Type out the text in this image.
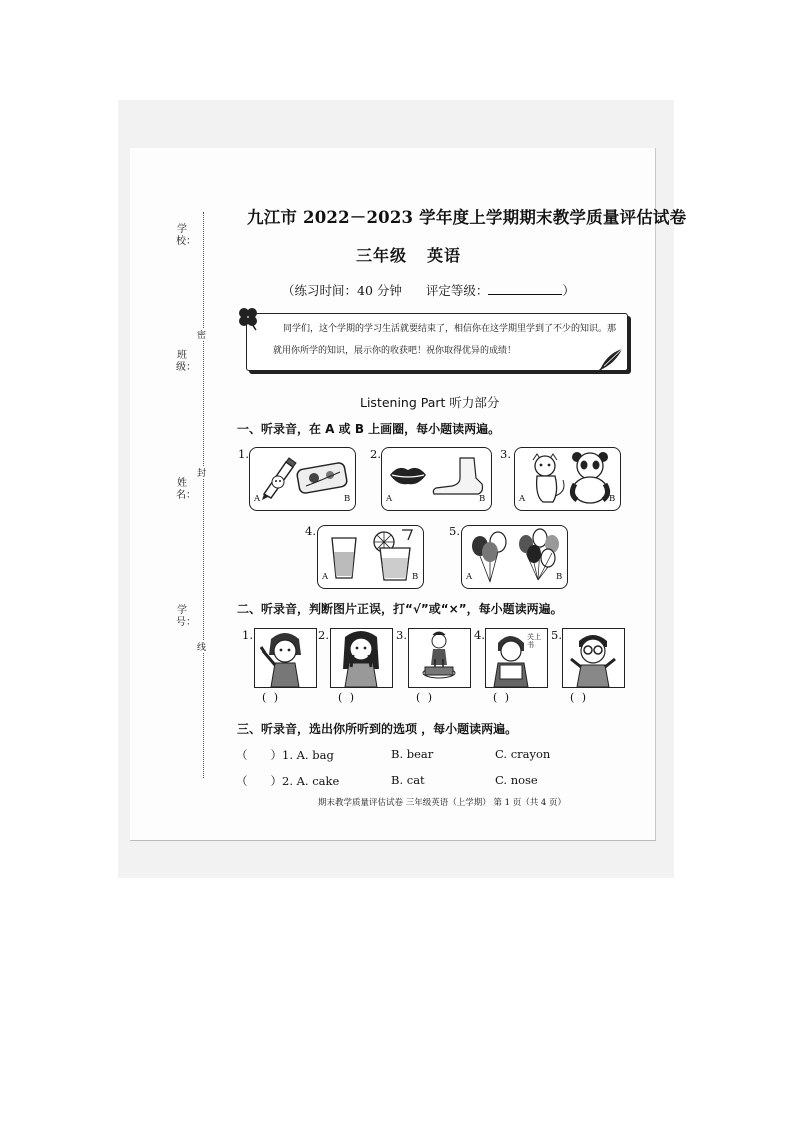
学校：
班级：
姓名：
学号：
密
封
线
九江市 2022－2023 学年度上学期期末教学质量评估试卷
三年级 英语
（练习时间：40 分钟 评定等级：	）

同学们，这个学期的学习生活就要结束了，相信你在这学期里学到了不少的知识。那就用你所学的知识，展示你的收获吧！祝你取得优异的成绩！

Listening Part 听力部分
一、听录音，在 A 或 B 上画圈，每小题读两遍。
1.
A	B
2.
A	B
3.
A	B
4.
A	B
5.
A	B
二、听录音，判断图片正误，打“√”或“×”，每小题读两遍。
1.
( )
2.
( )
3.
( )
4.	关上书
( )
5.
( )
三、听录音，选出你所听到的选项 ，每小题读两遍。
（　　）1. A. bag	B. bear	C. crayon
（　　）2. A. cake	B. cat	C. nose
期末教学质量评估试卷 三年级英语（上学期） 第 1 页（共 4 页）
